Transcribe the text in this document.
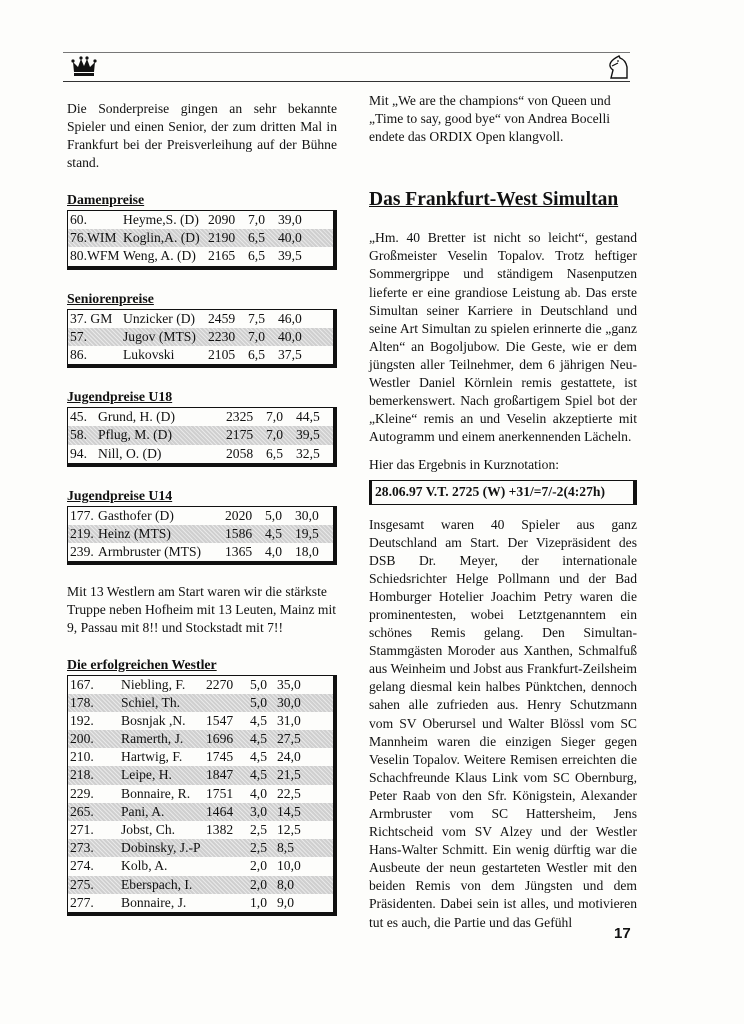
Die Sonderpreise gingen an sehr bekannte Spieler und einen Senior, der zum dritten Mal in Frankfurt bei der Preisverleihung auf der Bühne stand.

Damenpreise
60.	Heyme,S. (D) 2090 7,0 39,0
76.WIM Koglin,A. (D) 2190 6,5 40,0
80.WFM Weng, A. (D) 2165 6,5 39,5
Seniorenpreise
37. GM Unzicker (D) 2459 7,5 46,0
57.	Jugov (MTS) 2230 7,0 40,0
86.	Lukovski 2105 6,5 37,5
Jugendpreise U18
45. Grund, H. (D)	2325 7,0 44,5
58. Pflug, M. (D)	2175 7,0 39,5
94. Nill, O. (D)	2058 6,5 32,5
Jugendpreise U14
177. Gasthofer (D)	2020 5,0 30,0
219. Heinz (MTS)	1586 4,5 19,5
239. Armbruster (MTS) 1365 4,0 18,0

Mit 13 Westlern am Start waren wir die stärkste Truppe neben Hofheim mit 13 Leuten, Mainz mit 9, Passau mit 8!! und Stockstadt mit 7!!

Die erfolgreichen Westler
167. Niebling, F. 2270 5,0 35,0
178. Schiel, Th.	5,0 30,0
192. Bosnjak ,N. 1547 4,5 31,0
200. Ramerth, J. 1696 4,5 27,5
210. Hartwig, F. 1745 4,5 24,0
218. Leipe, H.	1847 4,5 21,5
229. Bonnaire, R. 1751 4,0 22,5
265. Pani, A.	1464 3,0 14,5
271. Jobst, Ch. 1382 2,5 12,5
273. Dobinsky, J.-P	2,5 8,5
274. Kolb, A.	2,0 10,0
275. Eberspach, I.	2,0 8,0
277. Bonnaire, J.	1,0 9,0

Mit „We are the champions“ von Queen und „Time to say, good bye“ von Andrea Bocelli endete das ORDIX Open klangvoll.

Das Frankfurt-West Simultan

„Hm. 40 Bretter ist nicht so leicht“, gestand Großmeister Veselin Topalov. Trotz heftiger Sommergrippe und ständigem Nasenputzen lieferte er eine grandiose Leistung ab. Das erste Simultan seiner Karriere in Deutschland und seine Art Simultan zu spielen erinnerte die „ganz Alten“ an Bogoljubow. Die Geste, wie er dem jüngsten aller Teilnehmer, dem 6 jährigen Neu-Westler Daniel Körnlein remis gestattete, ist bemerkenswert. Nach großartigem Spiel bot der „Kleine“ remis an und Veselin akzeptierte mit Autogramm und einem anerkennenden Lächeln.

Hier das Ergebnis in Kurznotation:

28.06.97 V.T. 2725 (W) +31/=7/-2(4:27h)

Insgesamt waren 40 Spieler aus ganz Deutschland am Start. Der Vizepräsident des DSB Dr. Meyer, der internationale Schiedsrichter Helge Pollmann und der Bad Homburger Hotelier Joachim Petry waren die prominentesten, wobei Letztgenanntem ein schönes Remis gelang. Den Simultan-Stammgästen Moroder aus Xanthen, Schmalfuß aus Weinheim und Jobst aus Frankfurt-Zeilsheim gelang diesmal kein halbes Pünktchen, dennoch sahen alle zufrieden aus. Henry Schutzmann vom SV Oberursel und Walter Blössl vom SC Mannheim waren die einzigen Sieger gegen Veselin Topalov. Weitere Remisen erreichten die Schachfreunde Klaus Link vom SC Obernburg, Peter Raab von den Sfr. Königstein, Alexander Armbruster vom SC Hattersheim, Jens Richtscheid vom SV Alzey und der Westler Hans-Walter Schmitt. Ein wenig dürftig war die Ausbeute der neun gestarteten Westler mit den beiden Remis von dem Jüngsten und dem Präsidenten. Dabei sein ist alles, und motivieren tut es auch, die Partie und das Gefühl

17
